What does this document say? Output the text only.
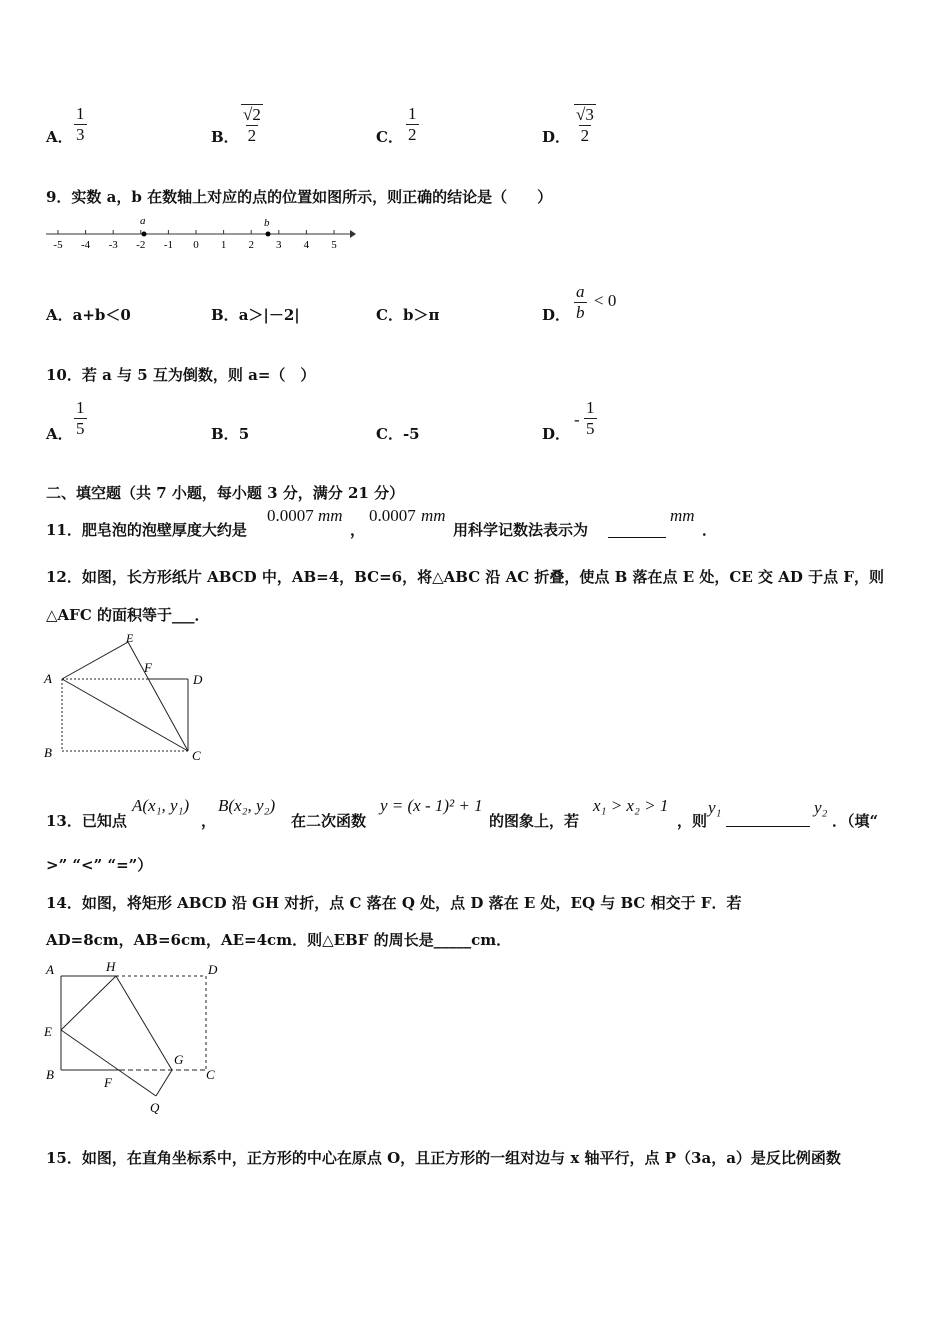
A． $\frac{1}{3}$	B． $\frac{√2}{2}$	C． $\frac{1}{2}$	D． $\frac{√3}{2}$
9．实数 a，b 在数轴上对应的点的位置如图所示，则正确的结论是（　　）
-5 -4 -3 -2 -1 0 1 2 3 4 5
a	b
A．a+b＜0	B．a＞|－2|	C．b＞π	D． $\frac{a}{b} < 0$
10．若 a 与 5 互为倒数，则 a=（　）
A． $\frac{1}{5}$	B．5	C．-5	D．
- $\frac{1}{5}$
二、填空题（共 7 小题，每小题 3 分，满分 21 分）
11．肥皂泡的泡壁厚度大约是
0.0007 mm
，
0.0007 mm
用科学记数法表示为
mm
．
12．如图，长方形纸片 ABCD 中，AB=4，BC=6，将△ABC 沿 AC 折叠，使点 B 落在点 E 处，CE 交 AD 于点 F，则
△AFC 的面积等于___．
A
B	C
D
E
F
13．已知点
A(x₁, y₁)
，
B(x₂, y₂)
在二次函数
y = (x - 1)² + 1
的图象上，若
x₁ > x₂ > 1
，则
y₁	y₂
．（填“
>” “<” “=”）
14．如图，将矩形 ABCD 沿 GH 对折，点 C 落在 Q 处，点 D 落在 E 处，EQ 与 BC 相交于 F．若
AD=8cm，AB=6cm，AE=4cm．则△EBF 的周长是_____cm．
A	H	D
E
B
F
G
C
Q
15．如图，在直角坐标系中，正方形的中心在原点 O，且正方形的一组对边与 x 轴平行，点 P（3a，a）是反比例函数
